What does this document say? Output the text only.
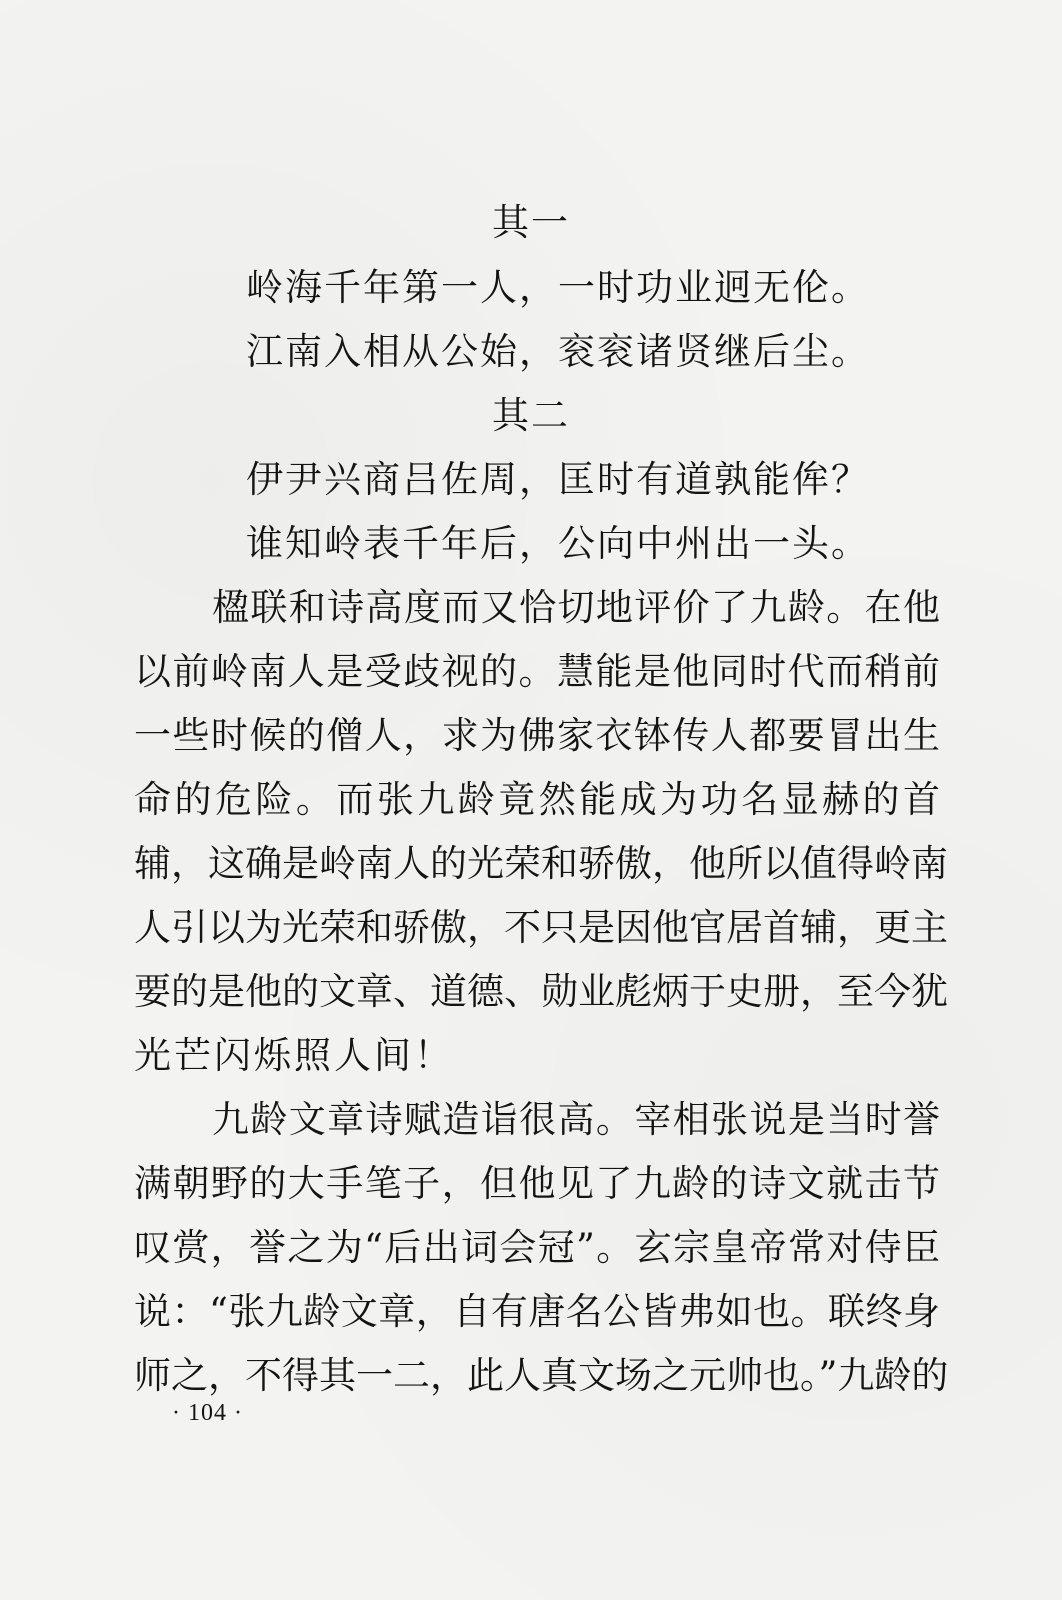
其一
岭海千年第一人，一时功业迥无伦。
江南入相从公始，衮衮诸贤继后尘。
其二
伊尹兴商吕佐周，匡时有道孰能侔？
谁知岭表千年后，公向中州出一头。
楹联和诗高度而又恰切地评价了九龄。在他
以前岭南人是受歧视的。慧能是他同时代而稍前
一些时候的僧人，求为佛家衣钵传人都要冒出生
命的危险。而张九龄竟然能成为功名显赫的首
辅，这确是岭南人的光荣和骄傲，他所以值得岭南
人引以为光荣和骄傲，不只是因他官居首辅，更主
要的是他的文章、道德、勋业彪炳于史册，至今犹
光芒闪烁照人间！
九龄文章诗赋造诣很高。宰相张说是当时誉
满朝野的大手笔子，但他见了九龄的诗文就击节
叹赏，誉之为“后出词会冠”。玄宗皇帝常对侍臣
说：“张九龄文章，自有唐名公皆弗如也。联终身
师之，不得其一二，此人真文场之元帅也。”九龄的
· 104 ·
